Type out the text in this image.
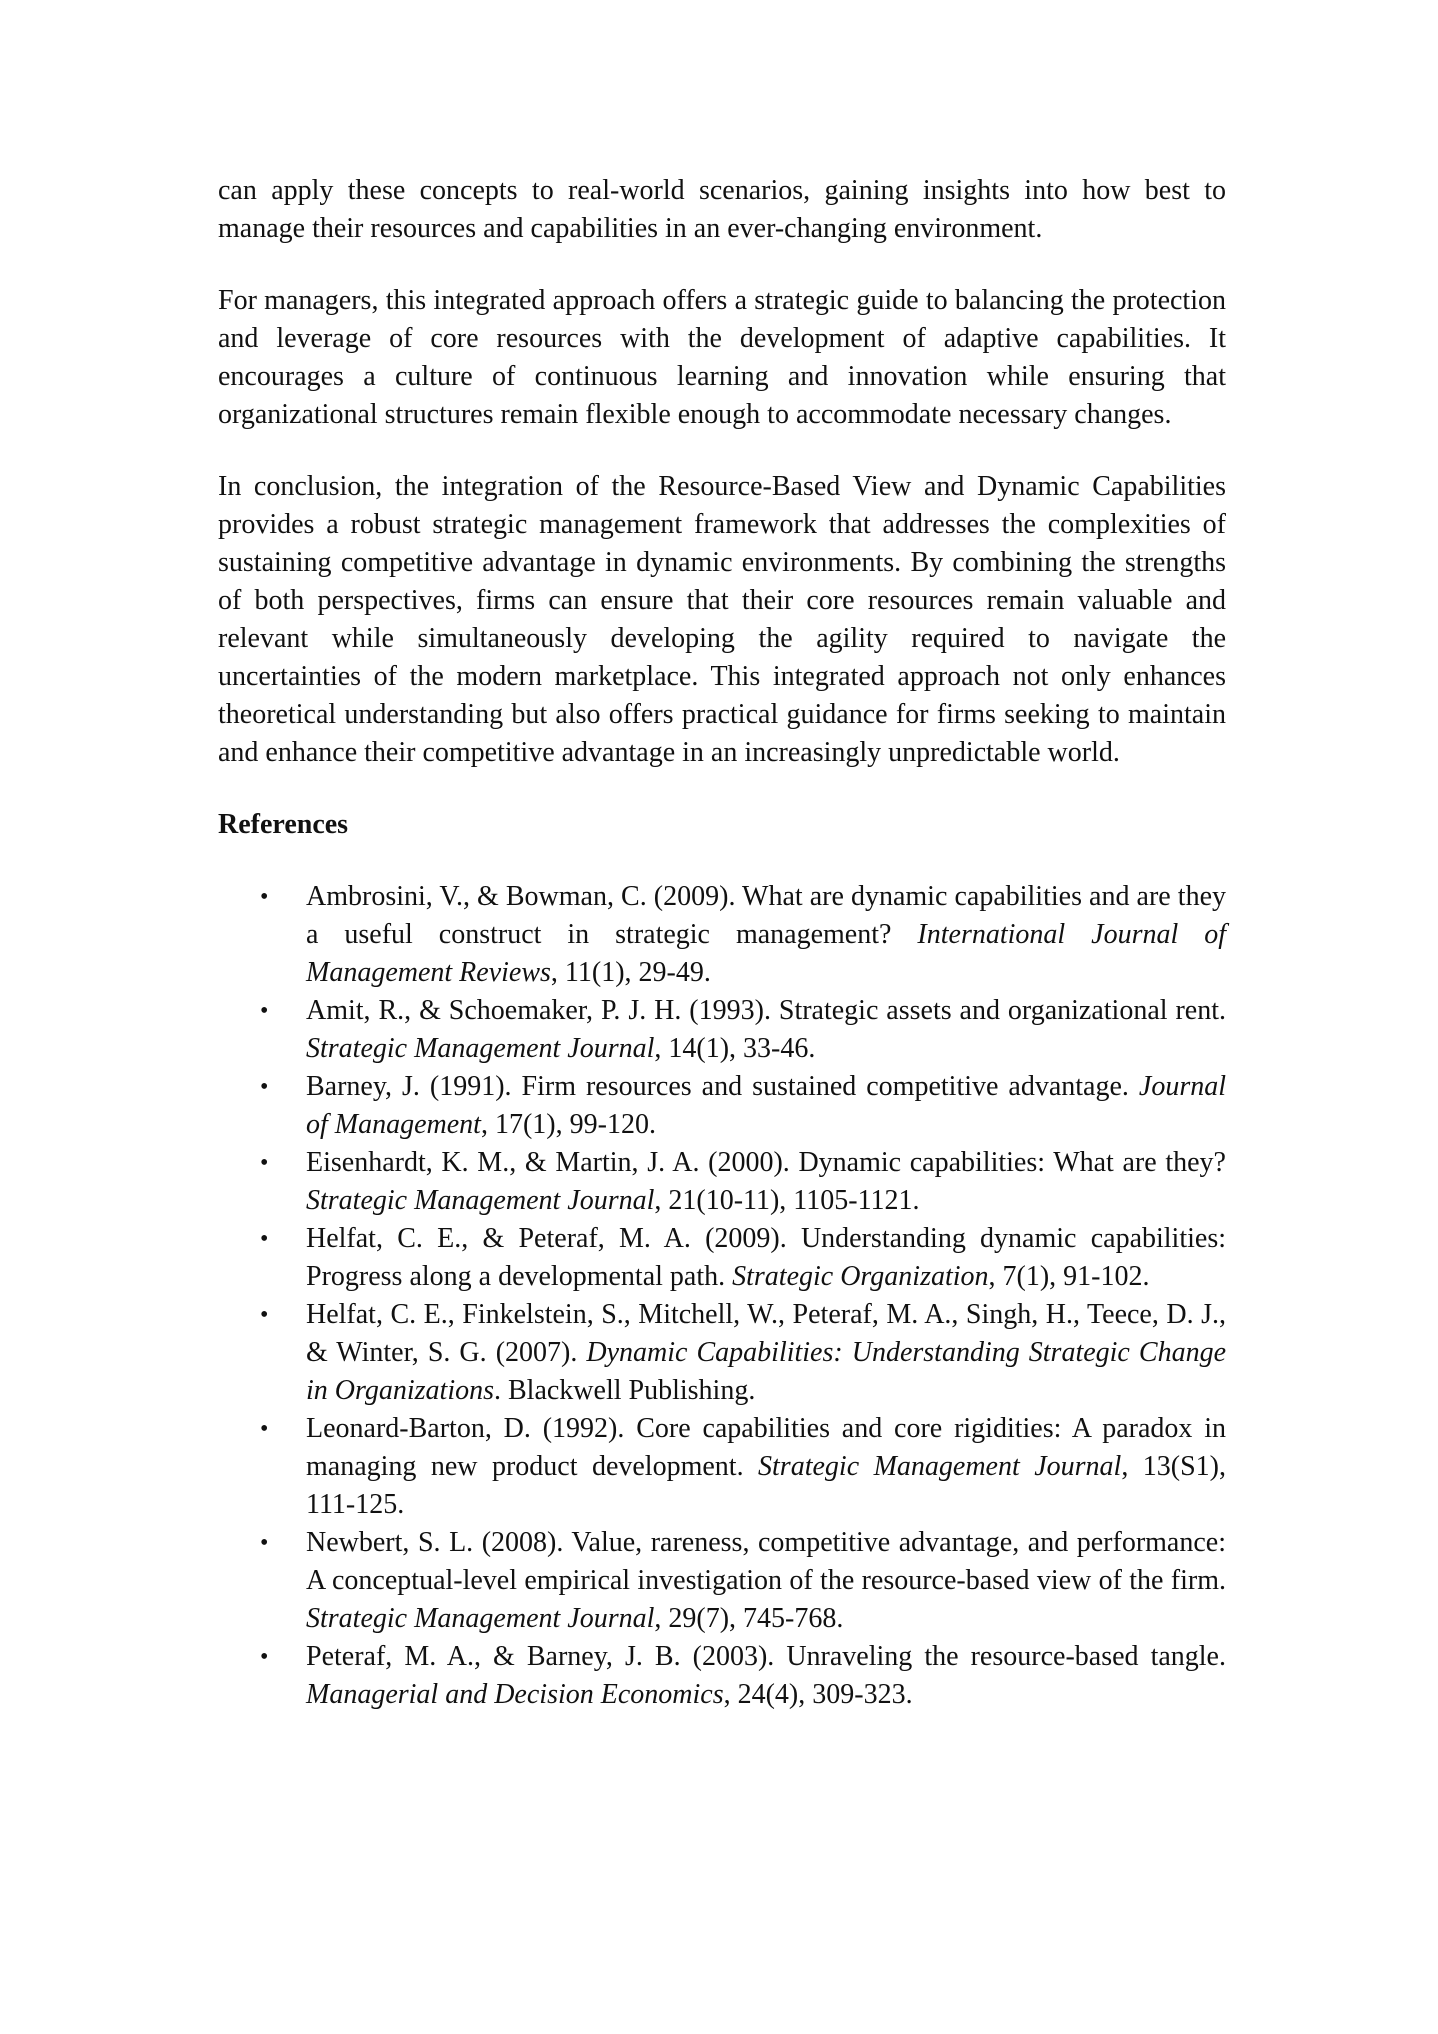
can apply these concepts to real-world scenarios, gaining insights into how best to manage their resources and capabilities in an ever-changing environment.

For managers, this integrated approach offers a strategic guide to balancing the protection and leverage of core resources with the development of adaptive capabilities. It encourages a culture of continuous learning and innovation while ensuring that organizational structures remain flexible enough to accommodate necessary changes.

In conclusion, the integration of the Resource-Based View and Dynamic Capabilities provides a robust strategic management framework that addresses the complexities of sustaining competitive advantage in dynamic environments. By combining the strengths of both perspectives, firms can ensure that their core resources remain valuable and relevant while simultaneously developing the agility required to navigate the uncertainties of the modern marketplace. This integrated approach not only enhances theoretical understanding but also offers practical guidance for firms seeking to maintain and enhance their competitive advantage in an increasingly unpredictable world.

References
• Ambrosini, V., & Bowman, C. (2009). What are dynamic capabilities and are they a useful construct in strategic management? International Journal of Management Reviews, 11(1), 29-49.
• Amit, R., & Schoemaker, P. J. H. (1993). Strategic assets and organizational rent. Strategic Management Journal, 14(1), 33-46.
• Barney, J. (1991). Firm resources and sustained competitive advantage. Journal of Management, 17(1), 99-120.
• Eisenhardt, K. M., & Martin, J. A. (2000). Dynamic capabilities: What are they? Strategic Management Journal, 21(10-11), 1105-1121.
• Helfat, C. E., & Peteraf, M. A. (2009). Understanding dynamic capabilities: Progress along a developmental path. Strategic Organization, 7(1), 91-102.
• Helfat, C. E., Finkelstein, S., Mitchell, W., Peteraf, M. A., Singh, H., Teece, D. J., & Winter, S. G. (2007). Dynamic Capabilities: Understanding Strategic Change in Organizations. Blackwell Publishing.
• Leonard-Barton, D. (1992). Core capabilities and core rigidities: A paradox in managing new product development. Strategic Management Journal, 13(S1), 111-125.
• Newbert, S. L. (2008). Value, rareness, competitive advantage, and performance: A conceptual-level empirical investigation of the resource-based view of the firm. Strategic Management Journal, 29(7), 745-768.
• Peteraf, M. A., & Barney, J. B. (2003). Unraveling the resource-based tangle. Managerial and Decision Economics, 24(4), 309-323.
